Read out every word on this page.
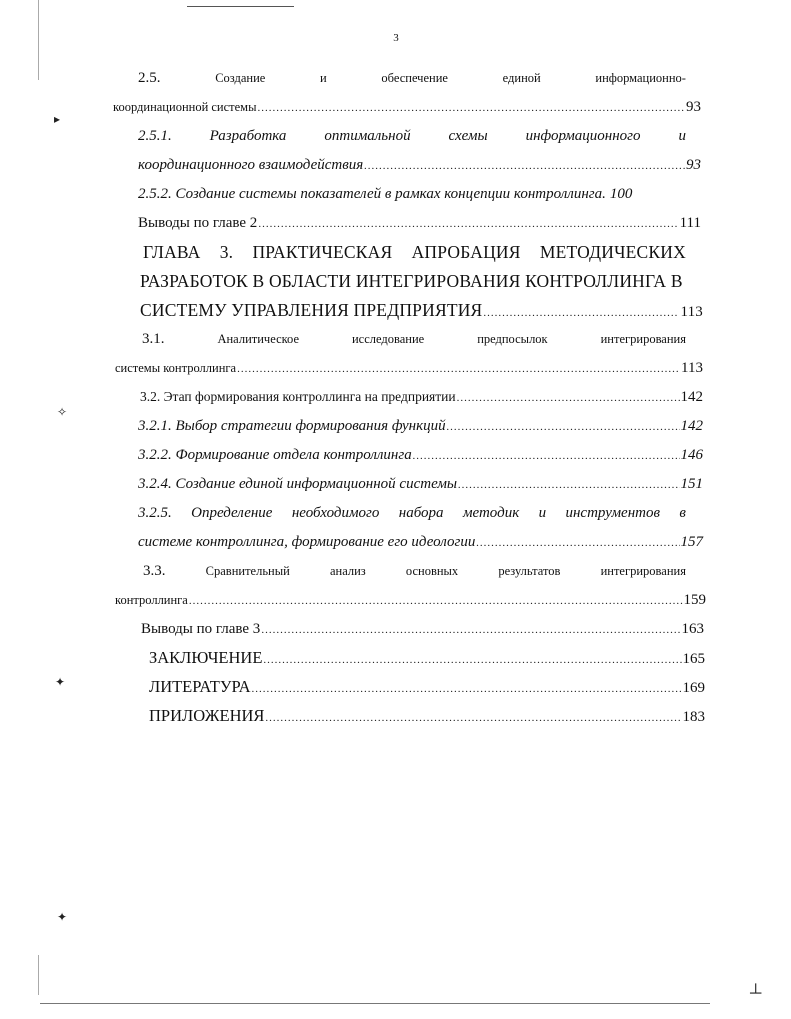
3
2.5.	Создание	и	обеспечение	единой	информационно-
координационной системы .....	93
2.5.1.	Разработка	оптимальной	схемы	информационного	и
координационного взаимодействия .....	93
2.5.2. Создание системы показателей в рамках концепции контроллинга. 100
Выводы по главе 2 .....	111
ГЛАВА 3. ПРАКТИЧЕСКАЯ АПРОБАЦИЯ МЕТОДИЧЕСКИХ
РАЗРАБОТОК В ОБЛАСТИ ИНТЕГРИРОВАНИЯ КОНТРОЛЛИНГА В
СИСТЕМУ УПРАВЛЕНИЯ ПРЕДПРИЯТИЯ .....	113
3.1.	Аналитическое	исследование	предпосылок	интегрирования
системы контроллинга .....	113
3.2. Этап формирования контроллинга на предприятии .....	142
3.2.1. Выбор стратегии формирования функций .....	142
3.2.2. Формирование отдела контроллинга .....	146
3.2.4. Создание единой информационной системы .....	151
3.2.5. Определение необходимого набора методик и инструментов в
системе контроллинга, формирование его идеологии .....	157
3.3.	Сравнительный	анализ	основных	результатов	интегрирования
контроллинга .....	159
Выводы по главе 3 .....	163
ЗАКЛЮЧЕНИЕ .....	165
ЛИТЕРАТУРА .....	169
ПРИЛОЖЕНИЯ .....	183
▸
✧
✦
✦
┴
